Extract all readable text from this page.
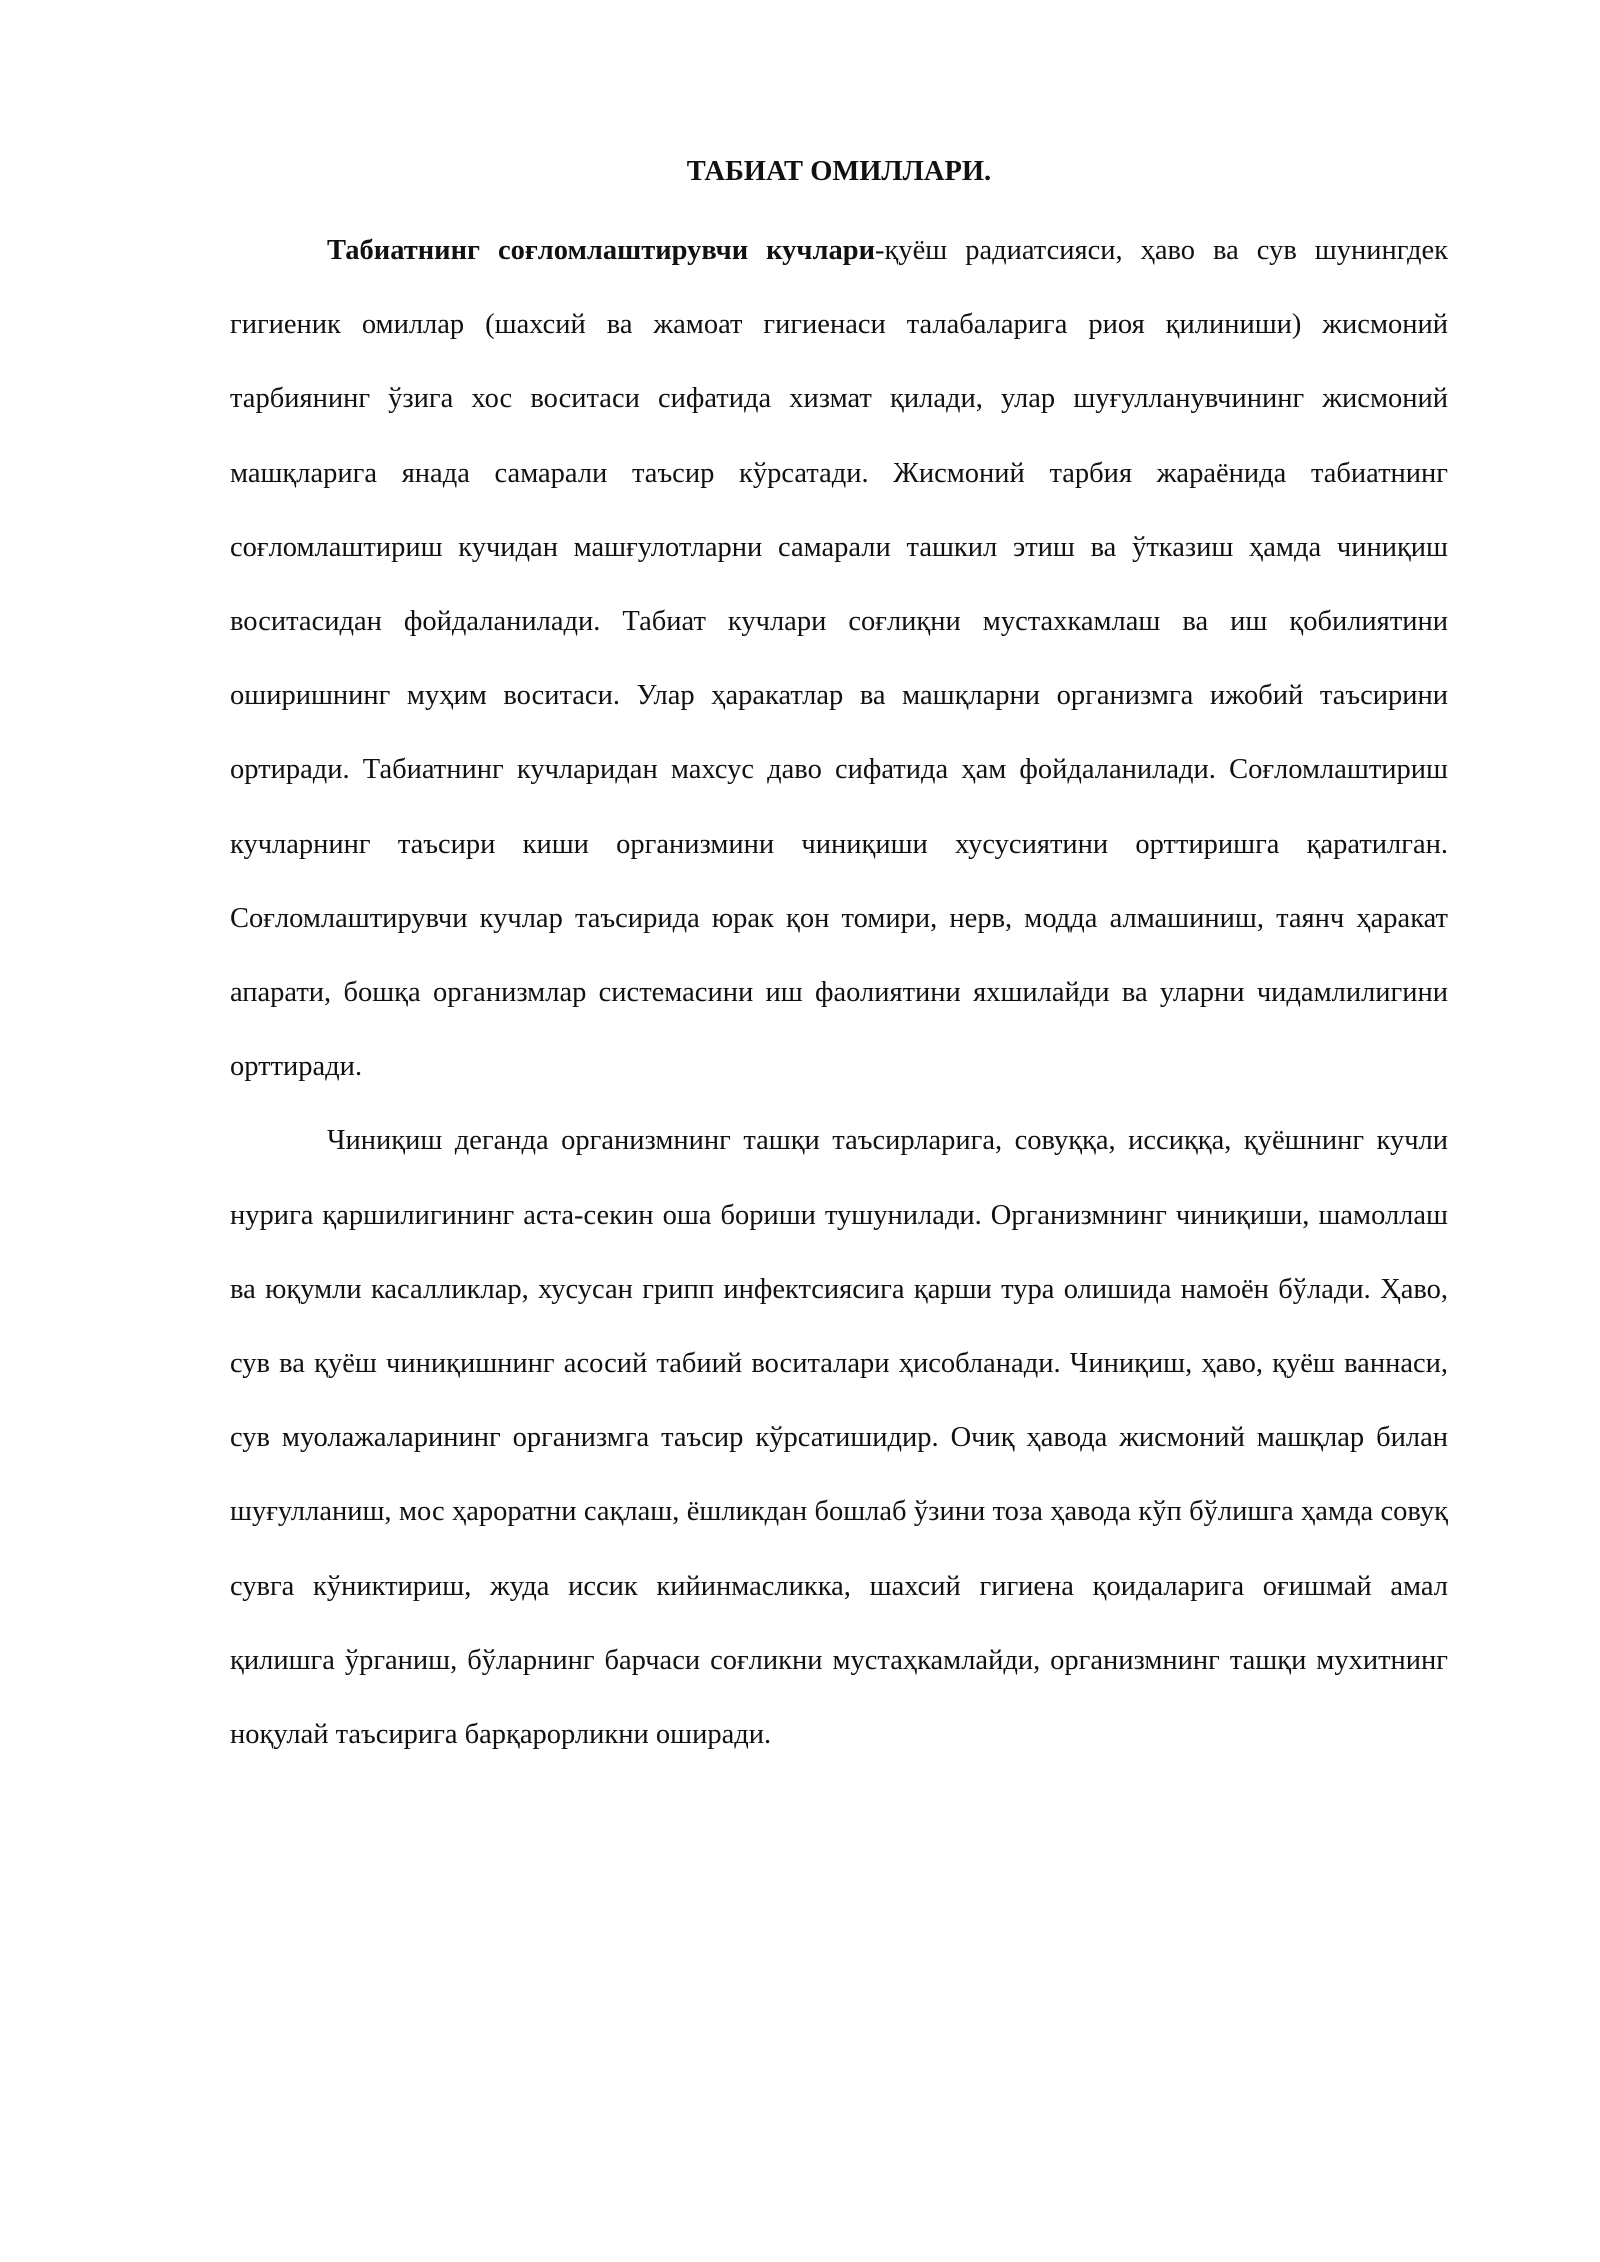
ТАБИАТ ОМИЛЛАРИ.

Табиатнинг соғломлаштирувчи кучлари-қуёш радиатсияси, ҳаво ва сув шунингдек гигиеник омиллар (шахсий ва жамоат гигиенаси талабаларига риоя қилиниши) жисмоний тарбиянинг ўзига хос воситаси сифатида хизмат қилади, улар шуғулланувчининг жисмоний машқларига янада самарали таъсир кўрсатади. Жисмоний тарбия жараёнида табиатнинг соғломлаштириш кучидан машғулотларни самарали ташкил этиш ва ўтказиш ҳамда чиниқиш воситасидан фойдаланилади. Табиат кучлари соғлиқни мустахкамлаш ва иш қобилиятини оширишнинг муҳим воситаси. Улар ҳаракатлар ва машқларни организмга ижобий таъсирини ортиради. Табиатнинг кучларидан махсус даво сифатида ҳам фойдаланилади. Соғломлаштириш кучларнинг таъсири киши организмини чиниқиши хусусиятини орттиришга қаратилган. Соғломлаштирувчи кучлар таъсирида юрак қон томири, нерв, модда алмашиниш, таянч ҳаракат апарати, бошқа организмлар системасини иш фаолиятини яхшилайди ва уларни чидамлилигини орттиради.

Чиниқиш деганда организмнинг ташқи таъсирларига, совуққа, иссиққа, қуёшнинг кучли нурига қаршилигининг аста-секин оша бориши тушунилади. Организмнинг чиниқиши, шамоллаш ва юқумли касалликлар, хусусан грипп инфектсиясига қарши тура олишида намоён бўлади. Ҳаво, сув ва қуёш чиниқишнинг асосий табиий воситалари ҳисобланади. Чиниқиш, ҳаво, қуёш ваннаси, сув муолажаларининг организмга таъсир кўрсатишидир. Очиқ ҳавода жисмоний машқлар билан шуғулланиш, мос ҳароратни сақлаш, ёшликдан бошлаб ўзини тоза ҳавода кўп бўлишга ҳамда совуқ сувга кўниктириш, жуда иссик кийинмасликка, шахсий гигиена қоидаларига оғишмай амал қилишга ўрганиш, бўларнинг барчаси соғликни мустаҳкамлайди, организмнинг ташқи мухитнинг ноқулай таъсирига барқарорликни оширади.
